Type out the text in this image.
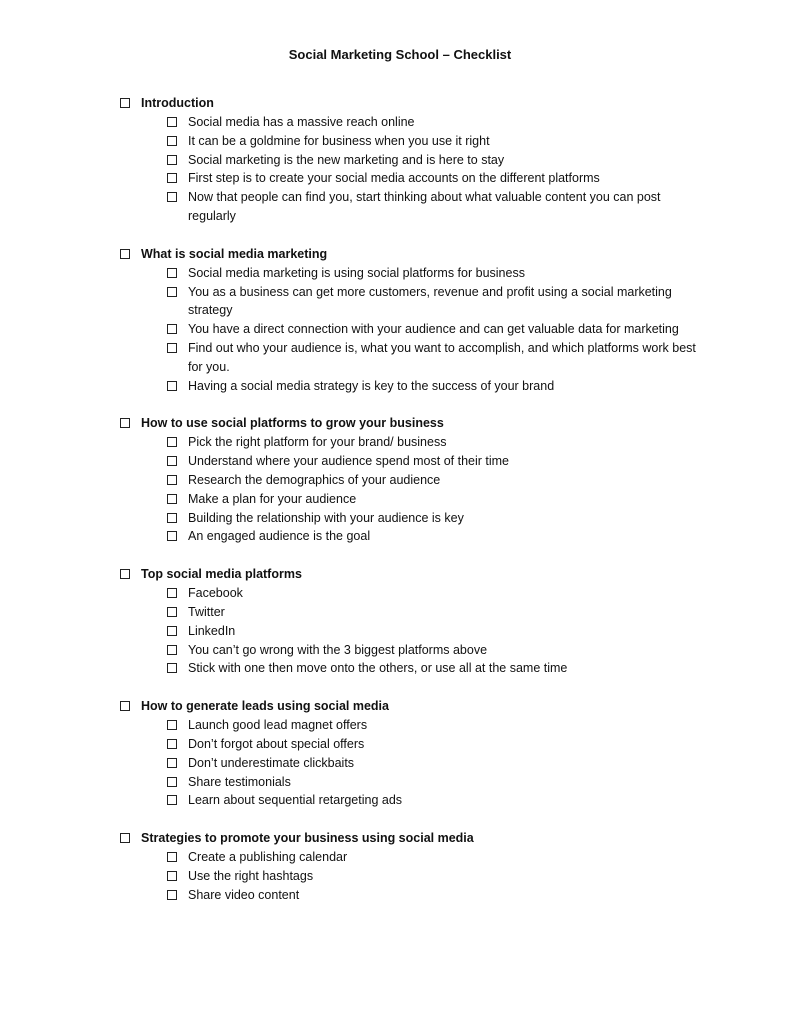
Social Marketing School – Checklist
Introduction
Social media has a massive reach online
It can be a goldmine for business when you use it right
Social marketing is the new marketing and is here to stay
First step is to create your social media accounts on the different platforms
Now that people can find you, start thinking about what valuable content you can post regularly
What is social media marketing
Social media marketing is using social platforms for business
You as a business can get more customers, revenue and profit using a social marketing strategy
You have a direct connection with your audience and can get valuable data for marketing
Find out who your audience is, what you want to accomplish, and which platforms work best for you.
Having a social media strategy is key to the success of your brand
How to use social platforms to grow your business
Pick the right platform for your brand/ business
Understand where your audience spend most of their time
Research the demographics of your audience
Make a plan for your audience
Building the relationship with your audience is key
An engaged audience is the goal
Top social media platforms
Facebook
Twitter
LinkedIn
You can’t go wrong with the 3 biggest platforms above
Stick with one then move onto the others, or use all at the same time
How to generate leads using social media
Launch good lead magnet offers
Don’t forgot about special offers
Don’t underestimate clickbaits
Share testimonials
Learn about sequential retargeting ads
Strategies to promote your business using social media
Create a publishing calendar
Use the right hashtags
Share video content
